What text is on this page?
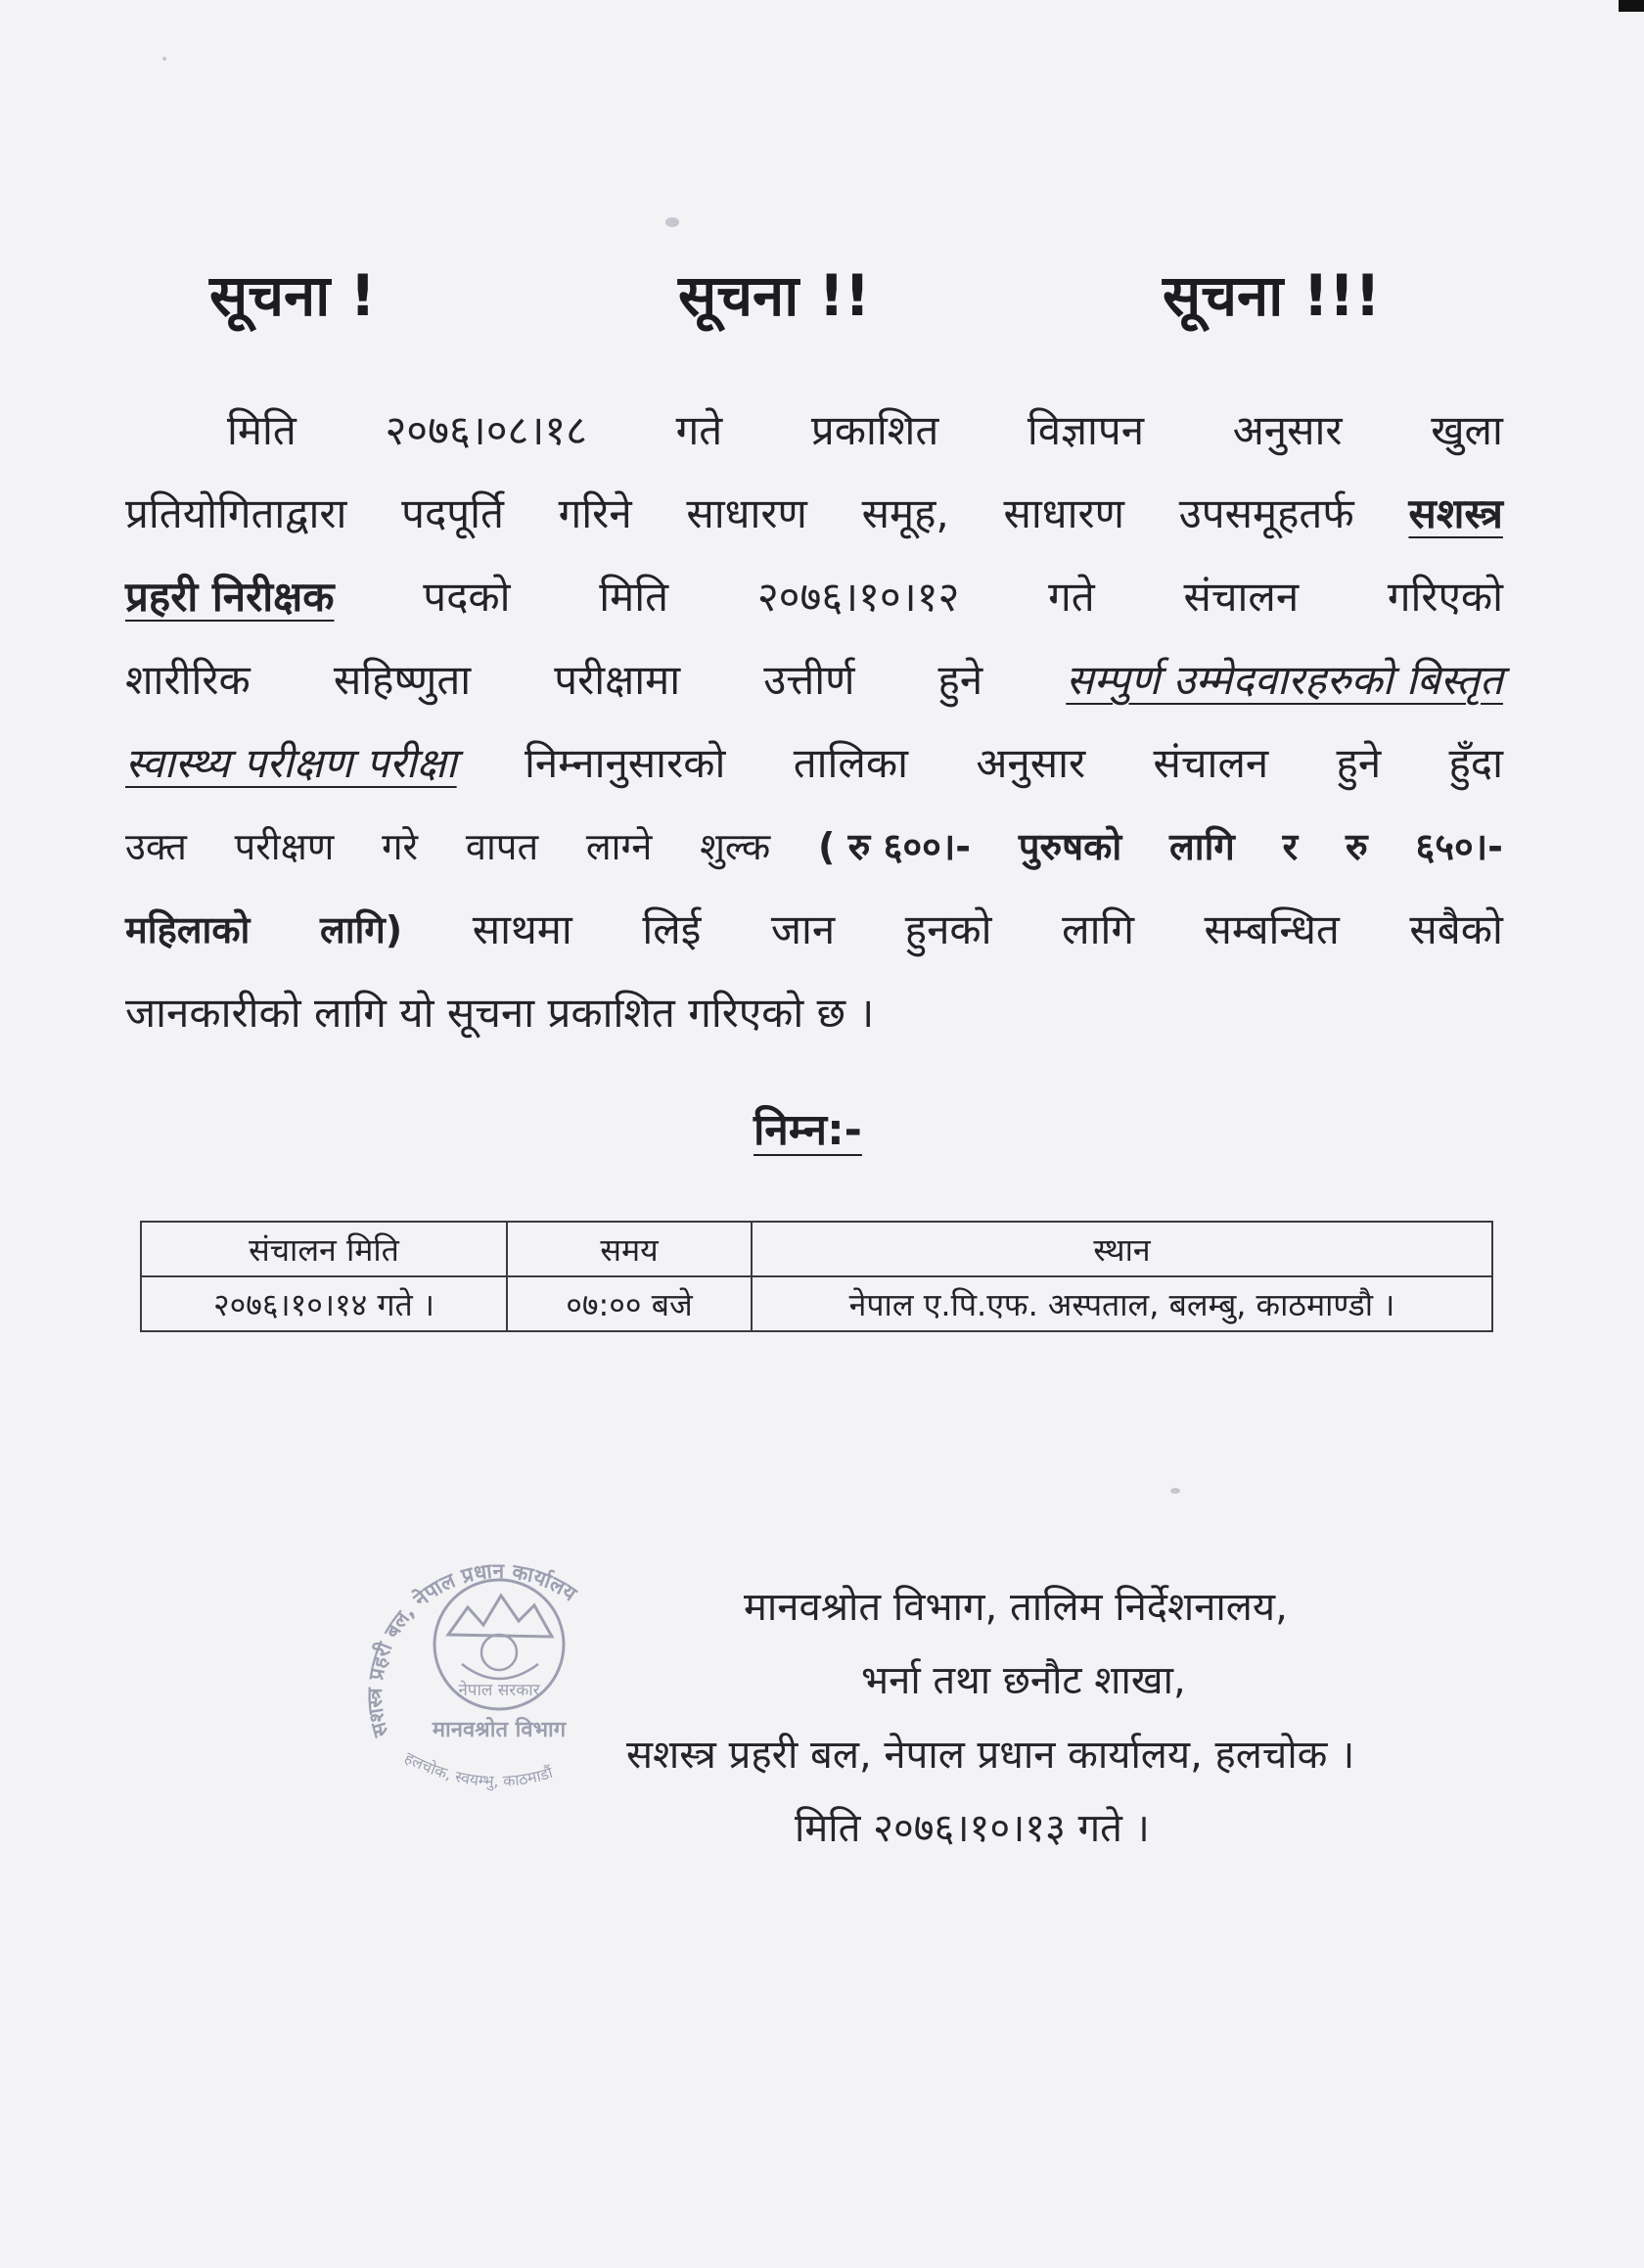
सूचना !	सूचना !!	सूचना !!!
मिति २०७६।०८।१८ गते प्रकाशित विज्ञापन अनुसार खुला
प्रतियोगिताद्वारा पदपूर्ति गरिने साधारण समूह, साधारण उपसमूहतर्फ सशस्त्र
प्रहरी निरीक्षक पदको मिति २०७६।१०।१२ गते संचालन गरिएको
शारीरिक सहिष्णुता परीक्षामा उत्तीर्ण हुने सम्पुर्ण उम्मेदवारहरुको बिस्तृत
स्वास्थ्य परीक्षण परीक्षा निम्नानुसारको तालिका अनुसार संचालन हुने हुँदा
उक्त परीक्षण गरे वापत लाग्ने शुल्क ( रु ६००।- पुरुषको लागि र रु ६५०।-
महिलाको लागि) साथमा लिई जान हुनको लागि सम्बन्धित सबैको
जानकारीको लागि यो सूचना प्रकाशित गरिएको छ ।
निम्न:-
संचालन मिति	समय	स्थान
२०७६।१०।१४ गते ।	०७:०० बजे	नेपाल ए.पि.एफ. अस्पताल, बलम्बु, काठमाण्डौ ।
सशस्त्र प्रहरी बल, नेपाल प्रधान कार्यालय
नेपाल सरकार
मानवश्रोत विभाग
हलचोक, स्वयम्भु, काठमाडौं
मानवश्रोत विभाग, तालिम निर्देशनालय,
भर्ना तथा छनौट शाखा,
सशस्त्र प्रहरी बल, नेपाल प्रधान कार्यालय, हलचोक ।
मिति २०७६।१०।१३ गते ।
